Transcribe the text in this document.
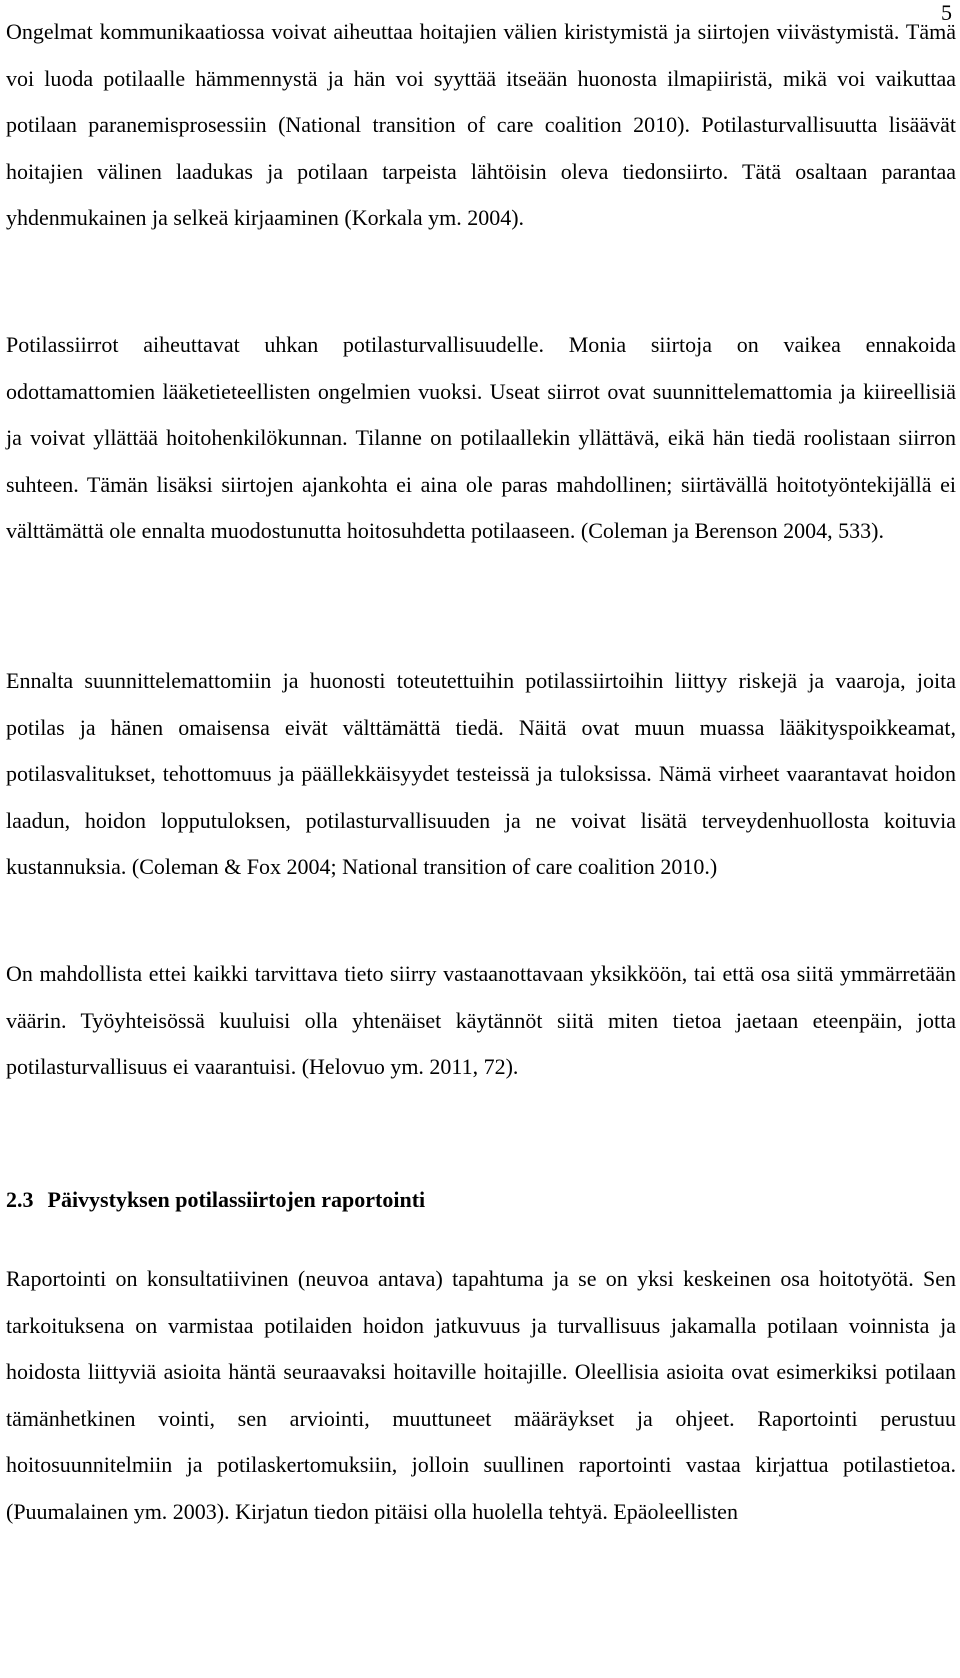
5

Ongelmat kommunikaatiossa voivat aiheuttaa hoitajien välien kiristymistä ja siirtojen viivästymistä. Tämä voi luoda potilaalle hämmennystä ja hän voi syyttää itseään huonosta ilmapiiristä, mikä voi vaikuttaa potilaan paranemisprosessiin (National transition of care coalition 2010). Potilasturvallisuutta lisäävät hoitajien välinen laadukas ja potilaan tarpeista lähtöisin oleva tiedonsiirto. Tätä osaltaan parantaa yhdenmukainen ja selkeä kirjaaminen (Korkala ym. 2004).

Potilassiirrot aiheuttavat uhkan potilasturvallisuudelle. Monia siirtoja on vaikea ennakoida odottamattomien lääketieteellisten ongelmien vuoksi. Useat siirrot ovat suunnittelemattomia ja kiireellisiä ja voivat yllättää hoitohenkilökunnan. Tilanne on potilaallekin yllättävä, eikä hän tiedä roolistaan siirron suhteen. Tämän lisäksi siirtojen ajankohta ei aina ole paras mahdollinen; siirtävällä hoitotyöntekijällä ei välttämättä ole ennalta muodostunutta hoitosuhdetta potilaaseen. (Coleman ja Berenson 2004, 533).

Ennalta suunnittelemattomiin ja huonosti toteutettuihin potilassiirtoihin liittyy riskejä ja vaaroja, joita potilas ja hänen omaisensa eivät välttämättä tiedä. Näitä ovat muun muassa lääkityspoikkeamat, potilasvalitukset, tehottomuus ja päällekkäisyydet testeissä ja tuloksissa. Nämä virheet vaarantavat hoidon laadun, hoidon lopputuloksen, potilasturvallisuuden ja ne voivat lisätä terveydenhuollosta koituvia kustannuksia. (Coleman & Fox 2004; National transition of care coalition 2010.)

On mahdollista ettei kaikki tarvittava tieto siirry vastaanottavaan yksikköön, tai että osa siitä ymmärretään väärin. Työyhteisössä kuuluisi olla yhtenäiset käytännöt siitä miten tietoa jaetaan eteenpäin, jotta potilasturvallisuus ei vaarantuisi. (Helovuo ym. 2011, 72).

2.3 Päivystyksen potilassiirtojen raportointi

Raportointi on konsultatiivinen (neuvoa antava) tapahtuma ja se on yksi keskeinen osa hoitotyötä. Sen tarkoituksena on varmistaa potilaiden hoidon jatkuvuus ja turvallisuus jakamalla potilaan voinnista ja hoidosta liittyviä asioita häntä seuraavaksi hoitaville hoitajille. Oleellisia asioita ovat esimerkiksi potilaan tämänhetkinen vointi, sen arviointi, muuttuneet määräykset ja ohjeet. Raportointi perustuu hoitosuunnitelmiin ja potilaskertomuksiin, jolloin suullinen raportointi vastaa kirjattua potilastietoa. (Puumalainen ym. 2003). Kirjatun tiedon pitäisi olla huolella tehtyä. Epäoleellisten
